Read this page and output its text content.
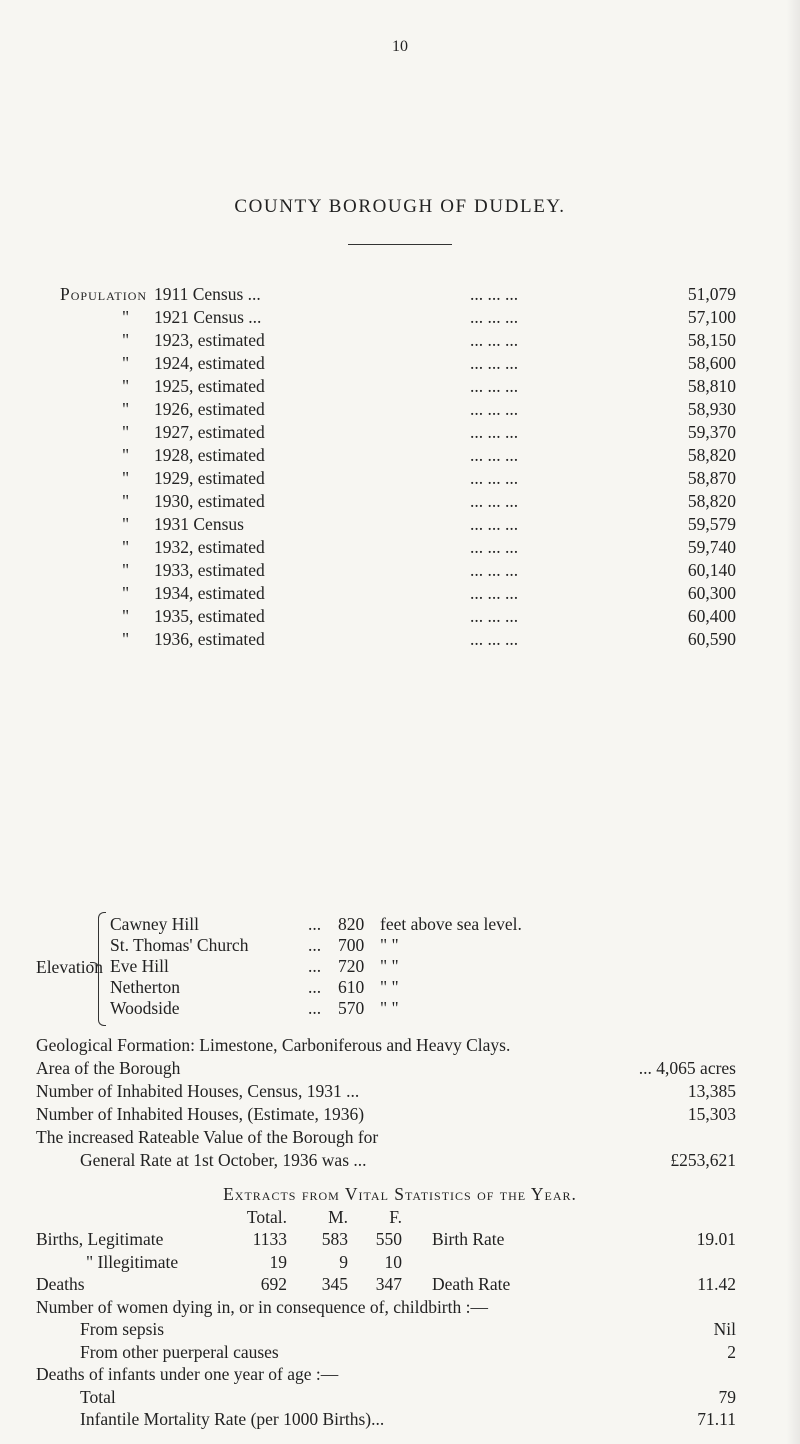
10
COUNTY BOROUGH OF DUDLEY.
Population 1911 Census ...	... ... ...	51,079
" 1921 Census ...	... ... ...	57,100
" 1923, estimated	... ... ...	58,150
" 1924, estimated	... ... ...	58,600
" 1925, estimated	... ... ...	58,810
" 1926, estimated	... ... ...	58,930
" 1927, estimated	... ... ...	59,370
" 1928, estimated	... ... ...	58,820
" 1929, estimated	... ... ...	58,870
" 1930, estimated	... ... ...	58,820
" 1931 Census	... ... ...	59,579
" 1932, estimated	... ... ...	59,740
" 1933, estimated	... ... ...	60,140
" 1934, estimated	... ... ...	60,300
" 1935, estimated	... ... ...	60,400
" 1936, estimated	... ... ...	60,590
Elevation
Cawney Hill	... 820 feet above sea level.
St. Thomas' Church	... 700 " "
Eve Hill	... 720 " "
Netherton	... 610 " "
Woodside	... 570 " "
Geological Formation: Limestone, Carboniferous and Heavy Clays.
Area of the Borough	... 4,065 acres
Number of Inhabited Houses, Census, 1931 ...	13,385
Number of Inhabited Houses, (Estimate, 1936)	15,303
The increased Rateable Value of the Borough for
General Rate at 1st October, 1936 was ...	£253,621
Extracts from Vital Statistics of the Year.
Total. M. F.
Births, Legitimate	1133 583 550 Birth Rate	19.01
" Illegitimate	19	9 10
Deaths	692 345 347 Death Rate	11.42
Number of women dying in, or in consequence of, childbirth :—
From sepsis	Nil
From other puerperal causes	2
Deaths of infants under one year of age :—
Total	79
Infantile Mortality Rate (per 1000 Births)...	71.11
